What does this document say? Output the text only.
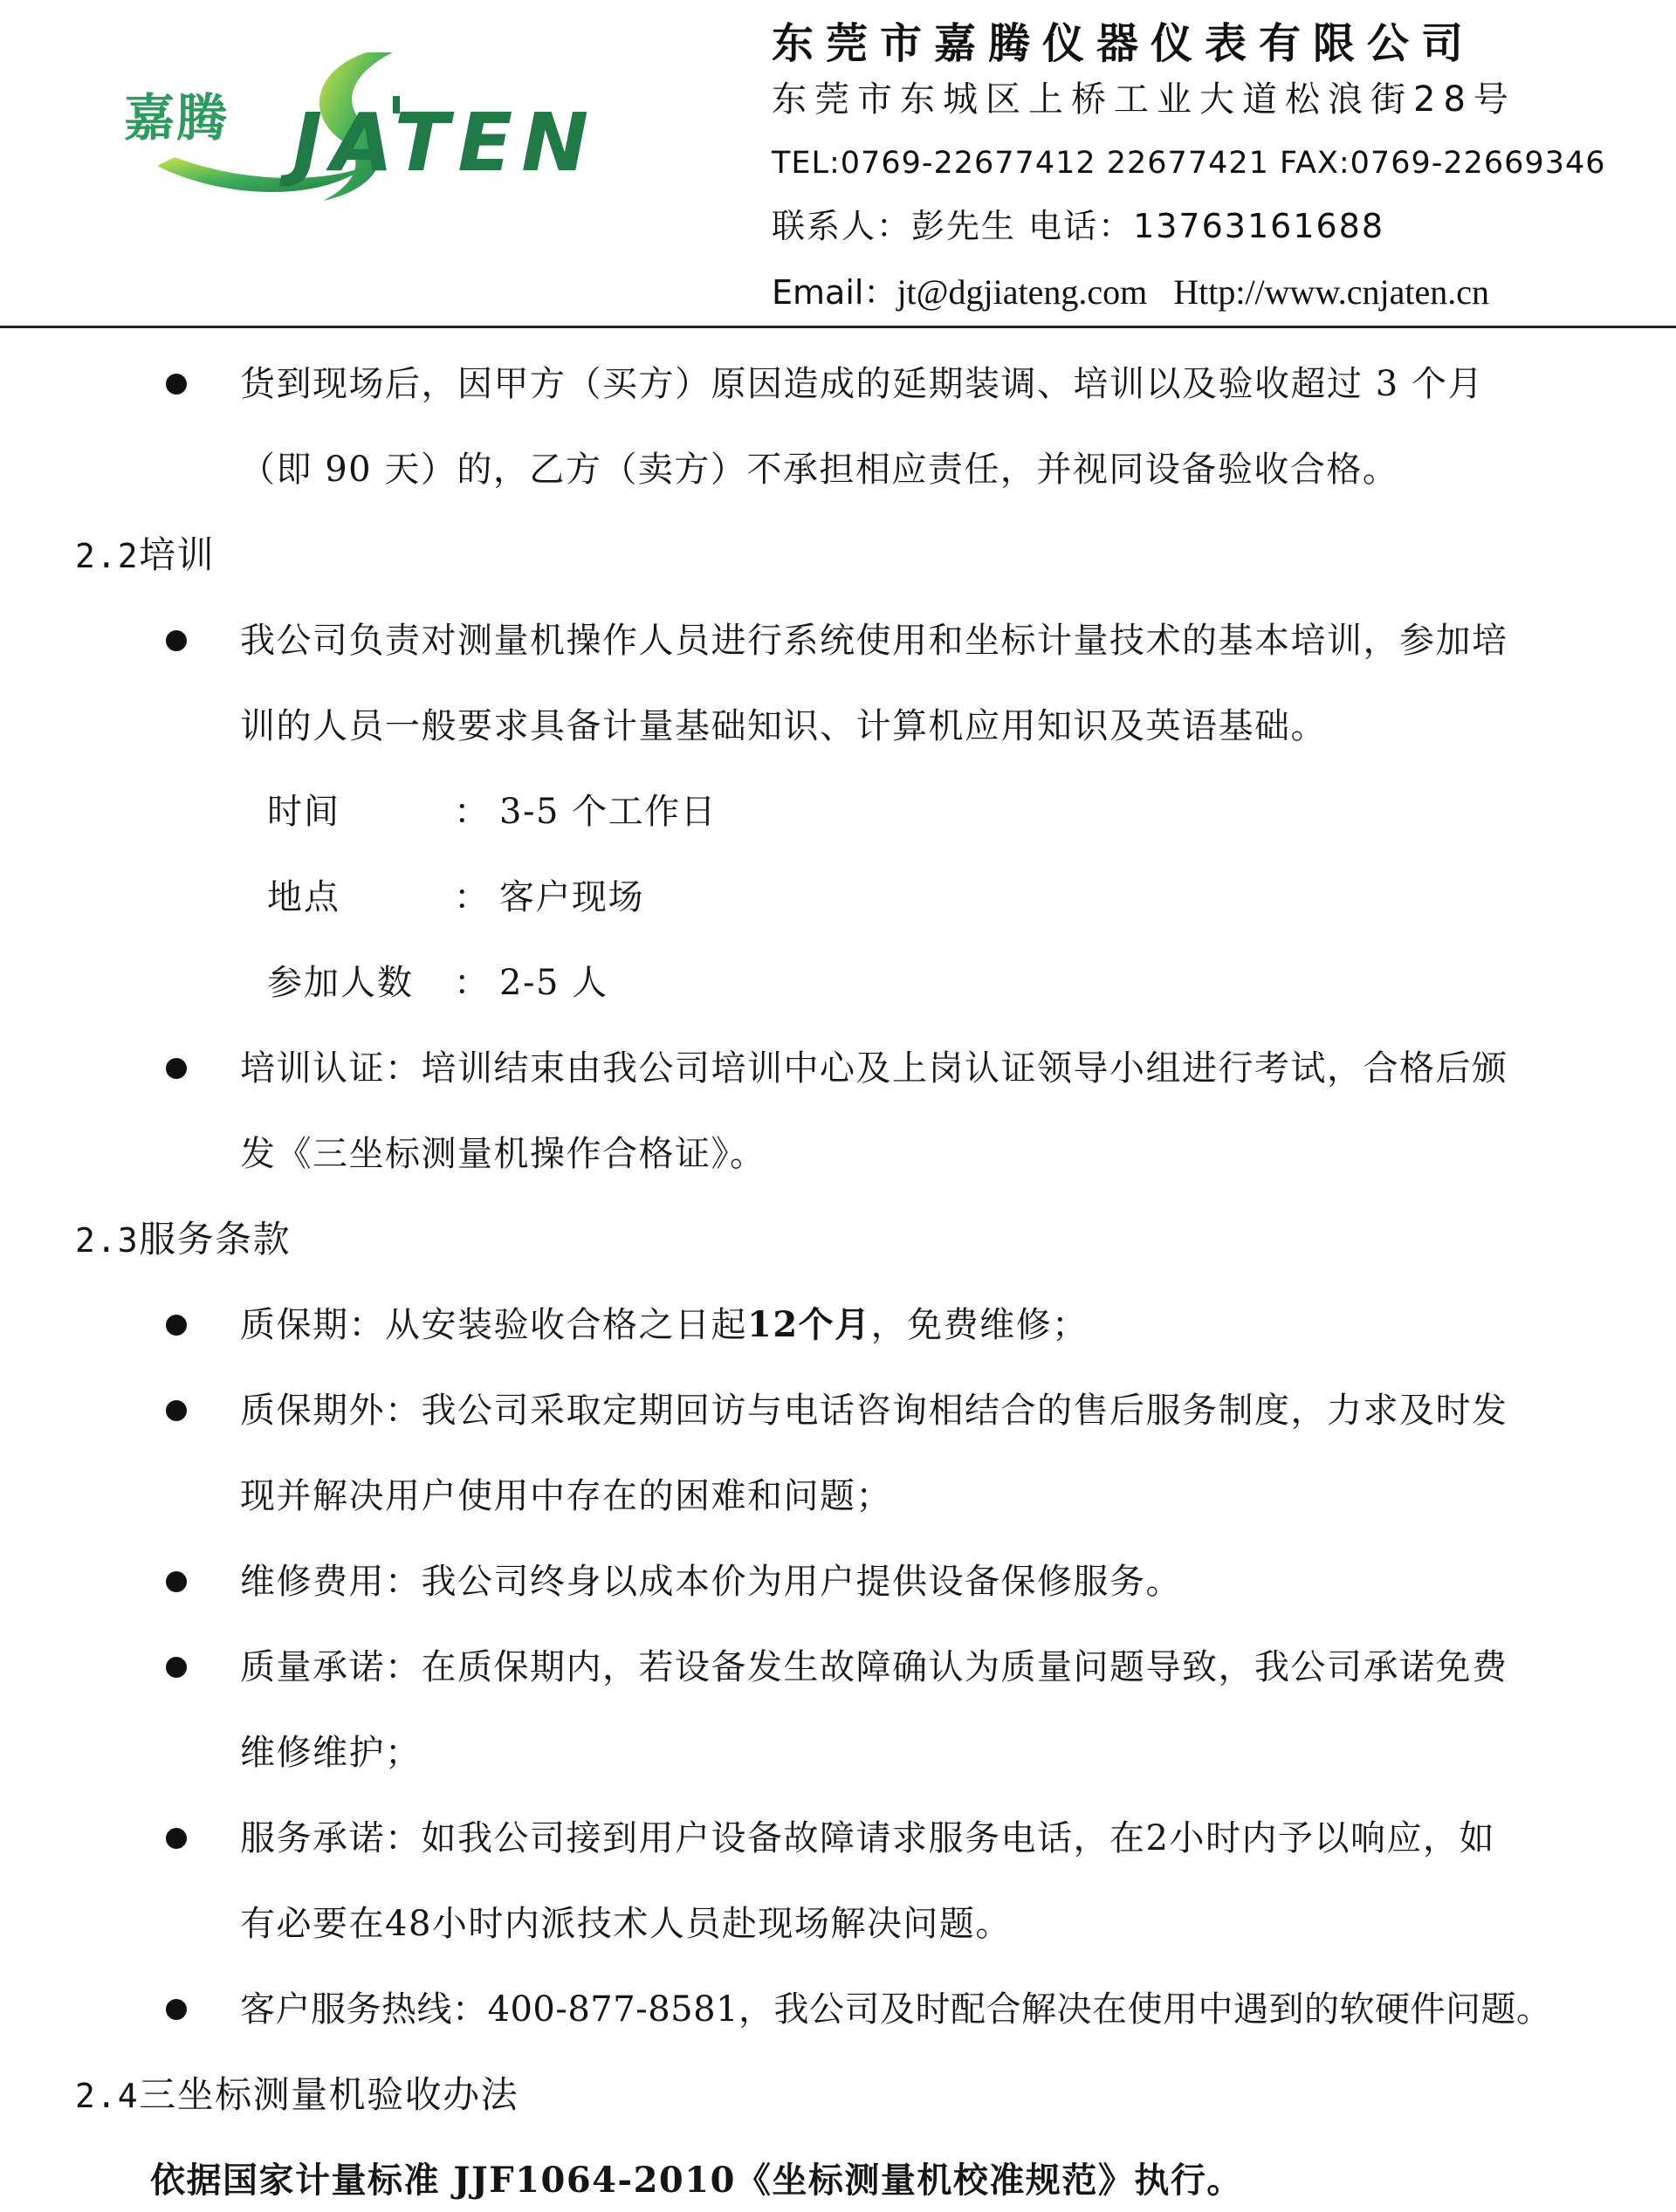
嘉腾 JATEN
东莞市嘉腾仪器仪表有限公司
东莞市东城区上桥工业大道松浪街28号
TEL:0769-22677412 22677421 FAX:0769-22669346
联系人：彭先生 电话：13763161688
Email：jt@dgjiateng.com Http://www.cnjaten.cn
货到现场后，因甲方（买方）原因造成的延期装调、培训以及验收超过 3 个月
（即 90 天）的，乙方（卖方）不承担相应责任，并视同设备验收合格。
2.2培训
我公司负责对测量机操作人员进行系统使用和坐标计量技术的基本培训，参加培
训的人员一般要求具备计量基础知识、计算机应用知识及英语基础。
时间	： 3-5 个工作日
地点	： 客户现场
参加人数 ： 2-5 人
培训认证：培训结束由我公司培训中心及上岗认证领导小组进行考试，合格后颁
发《三坐标测量机操作合格证》。
2.3服务条款
质保期：从安装验收合格之日起12个月，免费维修；
质保期外：我公司采取定期回访与电话咨询相结合的售后服务制度，力求及时发
现并解决用户使用中存在的困难和问题；
维修费用：我公司终身以成本价为用户提供设备保修服务。
质量承诺：在质保期内，若设备发生故障确认为质量问题导致，我公司承诺免费
维修维护；
服务承诺：如我公司接到用户设备故障请求服务电话，在2小时内予以响应，如
有必要在48小时内派技术人员赴现场解决问题。
客户服务热线：400-877-8581，我公司及时配合解决在使用中遇到的软硬件问题。
2.4三坐标测量机验收办法
依据国家计量标准 JJF1064-2010《坐标测量机校准规范》执行。
